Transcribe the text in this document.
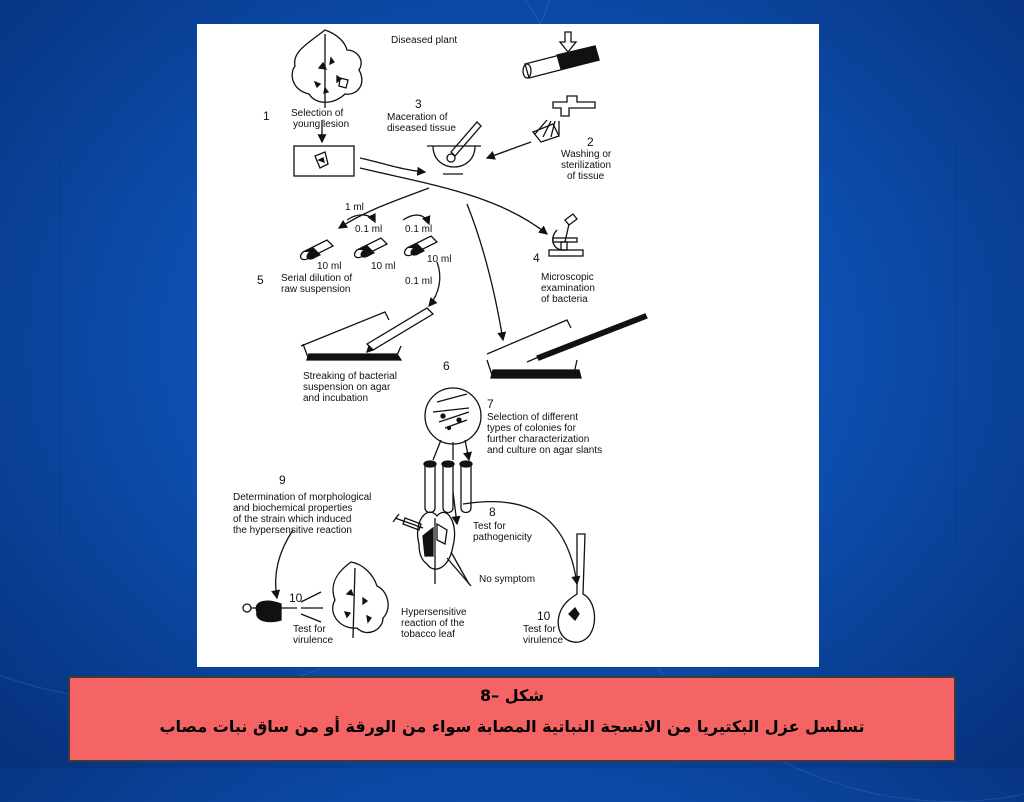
Diseased plant
1 Selection of
young lesion
2
Washing or
sterilization
of tissue
3
Maceration of
diseased tissue
4
Microscopic
examination
of bacteria
5 Serial dilution of
raw suspension
6
Streaking of bacterial
suspension on agar
and incubation	7
Selection of different
types of colonies for
further characterization
and culture on agar slants
8
Test for
pathogenicity
9
Determination of morphological
and biochemical properties
of the strain which induced
the hypersensitive reaction
10
Test for
virulence
10
Test for
virulence
1 ml
0.1 ml 0.1 ml
0.1 ml
10 ml	10 ml
10 ml
No symptom
Hypersensitive
reaction of the
tobacco leaf
شكل –8
تسلسل عزل البكتيريا من الانسجة النباتية المصابة سواء من الورقة أو من ساق نبات مصاب
